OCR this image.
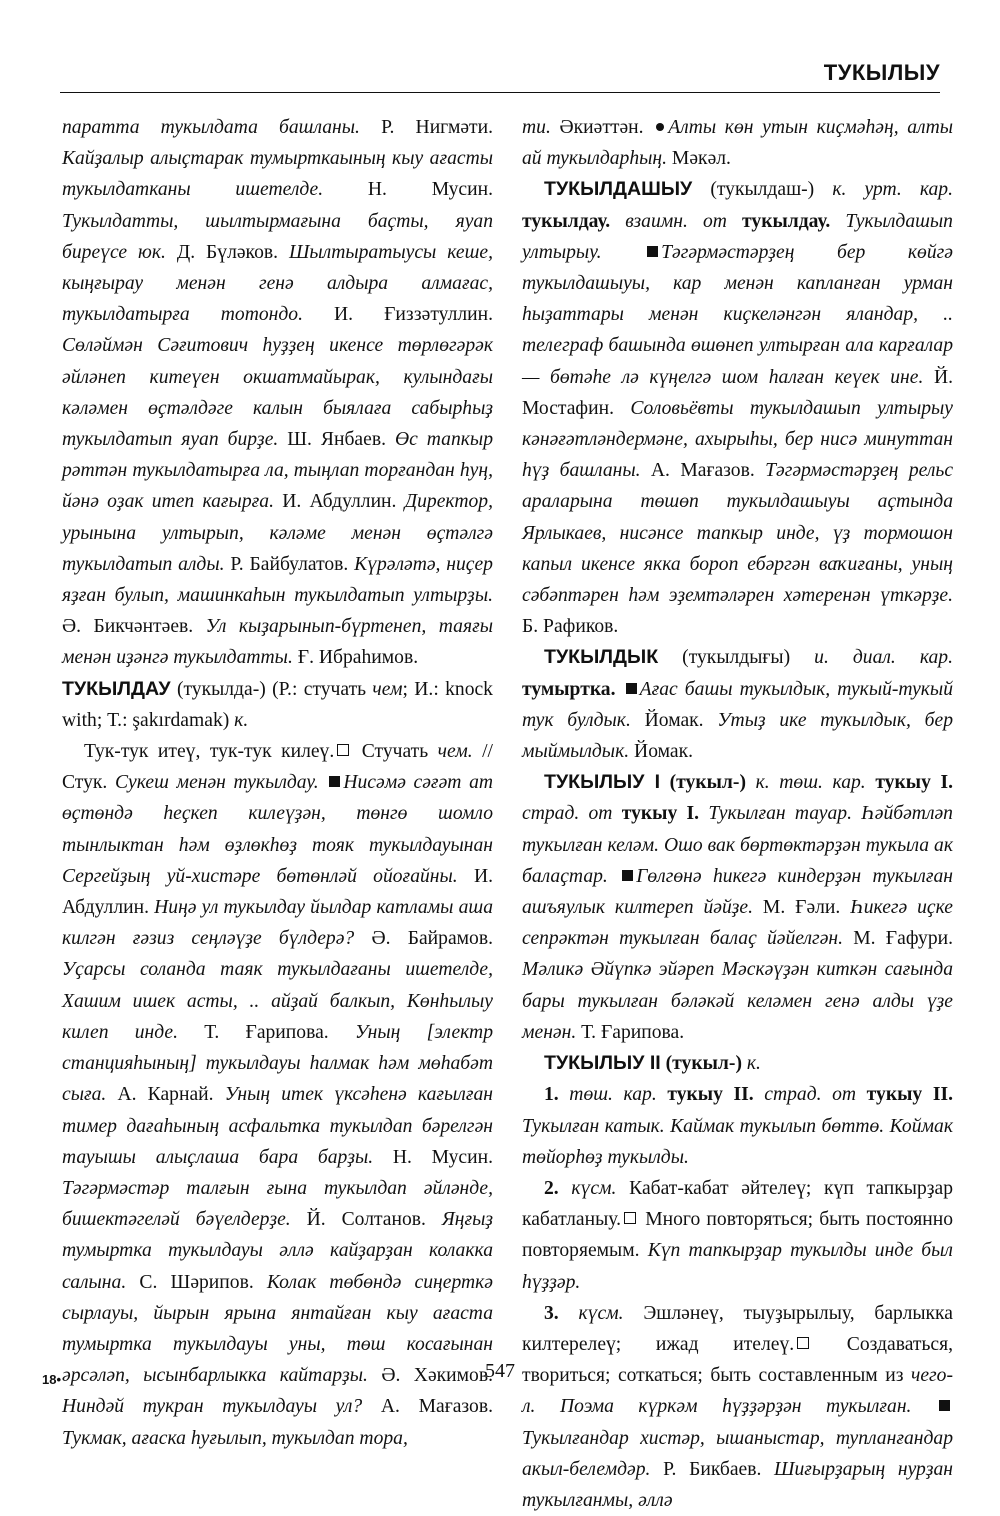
ТУКЫЛЫУ

паратта тукылдата башланы. Р. Нигмәти. Кайҙалыр алыҫтарак тумырткаының кыу ағасты тукылдатканы ишетелде. Н. Мусин. Тукылдатты, шылтырмағына баҫты, яуап биреүсе юк. Д. Бүләков. Шылтыратыусы кеше, кыңғырау менән генә алдыра алмағас, тукылдатырға тотондо. И. Ғиззәтуллин. Сөләймән Сәғитович һуҙҙең икенсе төрлөгәрәк әйләнеп китеүен окшатмайырак, кулындағы кәләмен өҫтәлдәге калын быялаға сабырһыҙ тукылдатып яуап бирҙе. Ш. Янбаев. Өс тапкыр рәттән тукылдатырға ла, тыңлап торғандан һуң, йәнә оҙак итеп кағырға. И. Абдуллин. Директор, урынына ултырып, кәләме менән өҫтәлгә тукылдатып алды. Р. Байбулатов. Күрәләтә, ниҫер яҙған булып, машинкаһын тукылдатып ултырҙы. Ә. Бикчәнтәев. Ул кыҙарынып-бүртенеп, таяғы менән иҙәнгә тукылдатты. Ғ. Ибраһимов.

ТУКЫЛДАУ (тукылда-) (Р.: стучать чем; И.: knock with; Т.: şakırdamak) к.

Тук-тук итеү, тук-тук килеү. Стучать чем. // Стук. Сукеш менән тукылдау. Нисәмә сәғәт ат өҫтөндә һеҫкеп килеүҙән, төнгө шомло тынлыктан һәм өҙлөкһөҙ тояк тукылдауынан Сергейҙың уй-хистәре бөтөнләй ойоғайны. И. Абдуллин. Ниңә ул тукылдау йылдар катламы аша килгән ғәзиз сеңләүҙе бүлдерә? Ә. Байрамов. Уҫарсы соланда таяк тукылдағаны ишетелде, Хашим ишек асты, .. айҙай балкып, Көнһылыу килеп инде. Т. Ғарипова. Уның [электр станцияһының] тукылдауы һалмак һәм мөһабәт сыға. А. Карнай. Уның итек үксәһенә кағылған тимер дағаһының асфальтка тукылдап бәрелгән тауышы алыҫлаша бара барҙы. Н. Мусин. Тәгәрмәстәр талғын ғына тукылдап әйләнде, бишектәгеләй бәүелдерҙе. Й. Солтанов. Яңғыҙ тумыртка тукылдауы әллә кайҙарҙан колакка салына. С. Шәрипов. Колак төбөндә сиңерткә сырлауы, йырын ярына янтайған кыу ағаста тумыртка тукылдауы уны, төш косағынан әрсәләп, ысынбарлыкка кайтарҙы. Ә. Хәкимов. Ниндәй тукран тукылдауы ул? А. Мағазов. Тукмак, ағаска һуғылып, тукылдап тора,

ти. Әкиәттән. Алты көн утын киҫмәһәң, алты ай тукылдарһың. Мәкәл.

ТУКЫЛДАШЫУ (тукылдаш-) к. урт. кар. тукылдау. взаимн. от тукылдау. Тукылдашып ултырыу.	Тәгәрмәстәрҙең бер көйгә тукылдашыуы, кар менән капланған урман һыҙаттары менән киҫкеләнгән яландар, .. телеграф башында өшөнеп ултырған ала карғалар — бөтәһе лә күңелгә шом һалған кеүек ине. Й. Мостафин. Соловьёвты тукылдашып ултырыу кәнәғәтләндермәне, ахырыһы, бер нисә минуттан һүҙ башланы. А. Мағазов. Тәгәрмәстәрҙең рельс араларына төшөп тукылдашыуы аҫтында Ярлыкаев, нисәнсе тапкыр инде, үҙ тормошон капыл икенсе якка бороп ебәргән ваҡиғаны, уның сәбәптәрен һәм эҙемтәләрен хәтеренән үткәрҙе. Б. Рафиков.

ТУКЫЛДЫК (тукылдығы) и. диал. кар. тумыртка. Ағас башы тукылдык, тукый-тукый тук булдык. Йомак. Утыҙ ике тукылдык, бер мыймылдык. Йомак.

ТУКЫЛЫУ I (тукыл-) к. төш. кар. тукыу I. страд. от тукыу I. Тукылған тауар. Һәйбәтләп тукылған келәм. Ошо вак бөртөктәрҙән тукыла ак балаҫтар. Гөлгөнә һикегә киндерҙән тукылған ашъяулык килтереп йәйҙе. М. Ғәли. Һикегә иҫке сепрәктән тукылған балаҫ йәйелгән. М. Ғафури. Мәликә Әйүпкә эйәреп Мәскәүҙән киткән сағында бары тукылған бәләкәй келәмен генә алды үҙе менән. Т. Ғарипова.

ТУКЫЛЫУ II (тукыл-) к.

1. төш. кар. тукыу II. страд. от тукыу II. Тукылған катык. Каймак тукылып бөттө. Коймак төйорһөҙ тукылды.

2. күсм. Кабат-кабат әйтелеү; күп тапкырҙар кабатланыу. Много повторяться; быть постоянно повторяемым. Күп тапкырҙар тукылды инде был һүҙҙәр.

3. күсм. Эшләнеү, тыуҙырылыу, барлыкка килтерелеү; ижад ителеү. Создаваться, твориться; соткаться; быть составленным из чего-л. Поэма күркәм һүҙҙәрҙән тукылған. Тукылғандар хистәр, ышаныстар, тупланғандар акыл-белемдәр. Р. Бикбаев. Шиғырҙарың нурҙан тукылғанмы, әллә

18•	547
